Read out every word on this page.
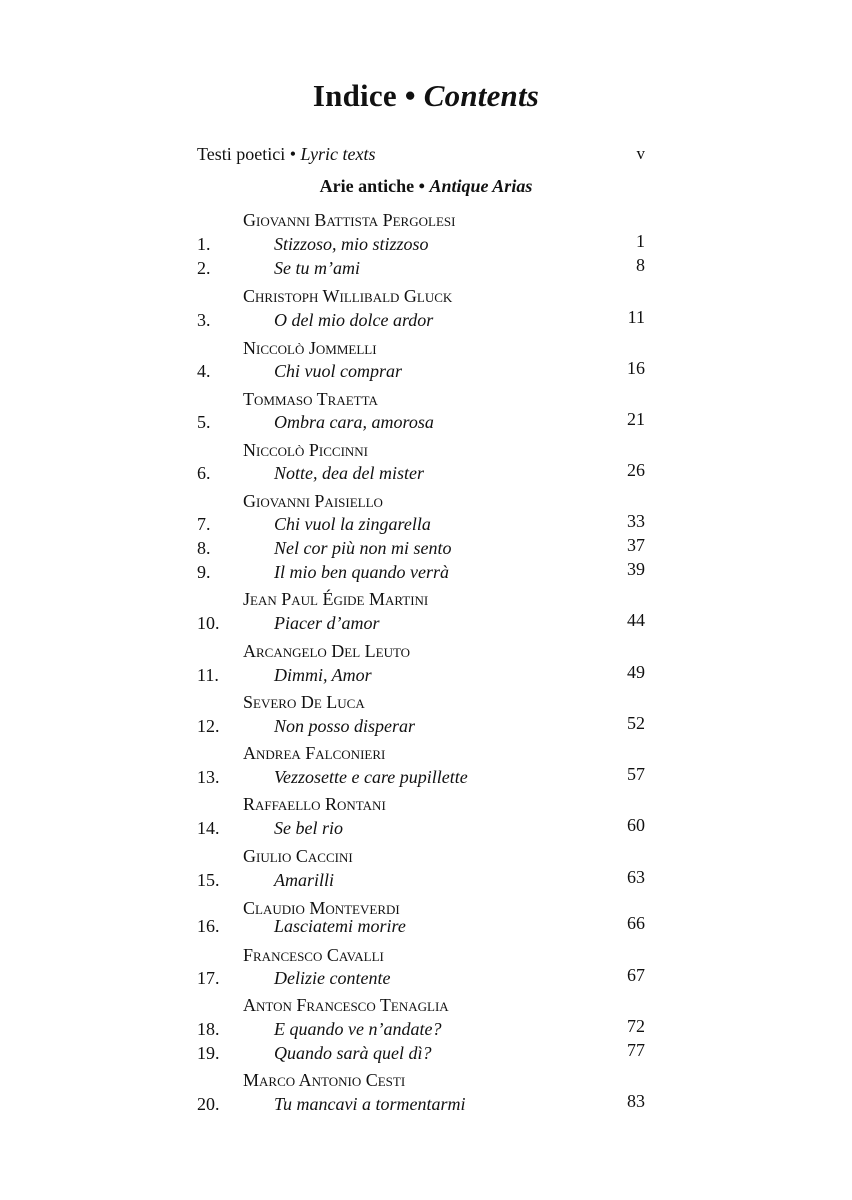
Indice • Contents
Testi poetici • Lyric texts	v
Arie antiche • Antique Arias
Giovanni Battista Pergolesi
1.	Stizzoso, mio stizzoso	1
2.	Se tu m’ami	8
Christoph Willibald Gluck
3.	O del mio dolce ardor	11
Niccolò Jommelli
4.	Chi vuol comprar	16
Tommaso Traetta
5.	Ombra cara, amorosa	21
Niccolò Piccinni
6.	Notte, dea del mister	26
Giovanni Paisiello
7.	Chi vuol la zingarella	33
8.	Nel cor più non mi sento	37
9.	Il mio ben quando verrà	39
Jean Paul Égide Martini
10.	Piacer d’amor	44
Arcangelo Del Leuto
11.	Dimmi, Amor	49
Severo De Luca
12.	Non posso disperar	52
Andrea Falconieri
13.	Vezzosette e care pupillette	57
Raffaello Rontani
14.	Se bel rio	60
Giulio Caccini
15.	Amarilli	63
Claudio Monteverdi
16.	Lasciatemi morire	66
Francesco Cavalli
17.	Delizie contente	67
Anton Francesco Tenaglia
18.	E quando ve n’andate?	72
19.	Quando sarà quel dì?	77
Marco Antonio Cesti
20.	Tu mancavi a tormentarmi	83
